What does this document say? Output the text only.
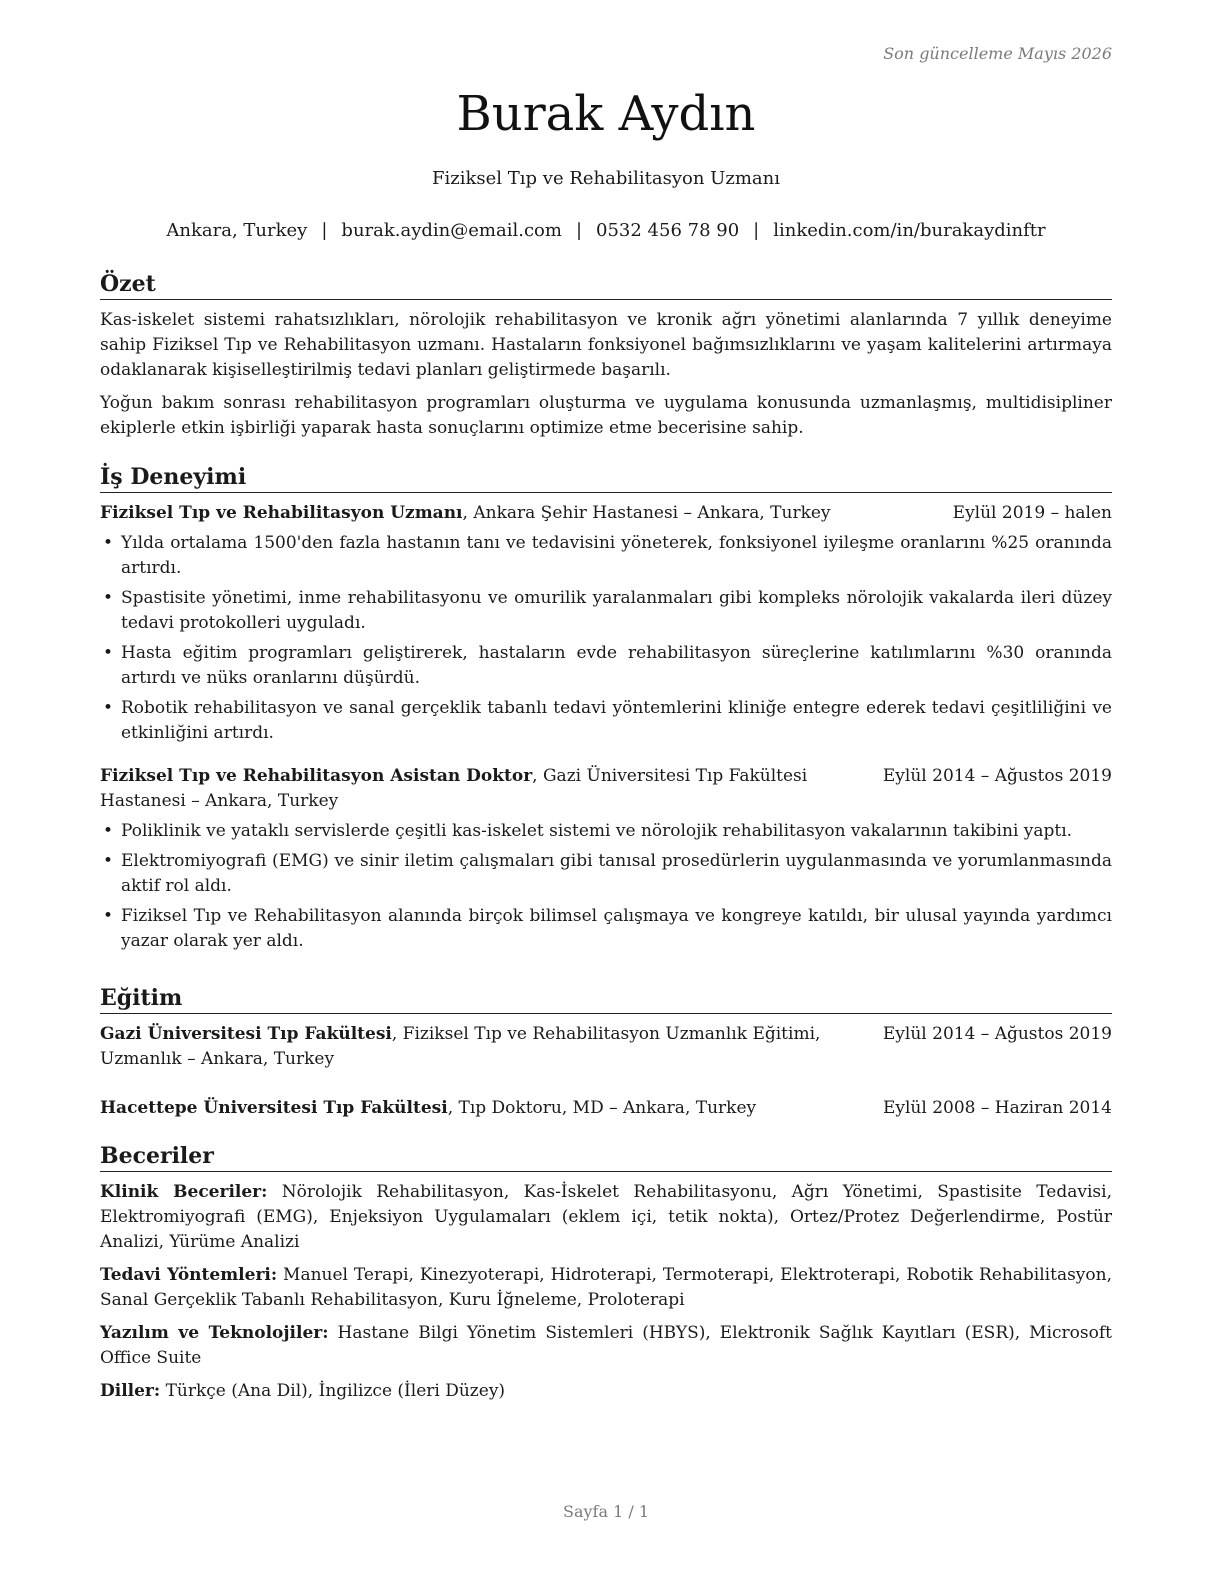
Son güncelleme Mayıs 2026
Burak Aydın
Fiziksel Tıp ve Rehabilitasyon Uzmanı
Ankara, Turkey | burak.aydin@email.com | 0532 456 78 90 | linkedin.com/in/burakaydinftr
Özet
Kas-iskelet sistemi rahatsızlıkları, nörolojik rehabilitasyon ve kronik ağrı yönetimi alanlarında 7 yıllık deneyime sahip Fiziksel Tıp ve Rehabilitasyon uzmanı. Hastaların fonksiyonel bağımsızlıklarını ve yaşam kalitelerini artırmaya odaklanarak kişiselleştirilmiş tedavi planları geliştirmede başarılı.
Yoğun bakım sonrası rehabilitasyon programları oluşturma ve uygulama konusunda uzmanlaşmış, multidisipliner ekiplerle etkin işbirliği yaparak hasta sonuçlarını optimize etme becerisine sahip.
İş Deneyimi
Fiziksel Tıp ve Rehabilitasyon Uzmanı, Ankara Şehir Hastanesi – Ankara, Turkey	Eylül 2019 – halen
• Yılda ortalama 1500'den fazla hastanın tanı ve tedavisini yöneterek, fonksiyonel iyileşme oranlarını %25 oranında artırdı.
• Spastisite yönetimi, inme rehabilitasyonu ve omurilik yaralanmaları gibi kompleks nörolojik vakalarda ileri düzey tedavi protokolleri uyguladı.
• Hasta eğitim programları geliştirerek, hastaların evde rehabilitasyon süreçlerine katılımlarını %30 oranında artırdı ve nüks oranlarını düşürdü.
• Robotik rehabilitasyon ve sanal gerçeklik tabanlı tedavi yöntemlerini kliniğe entegre ederek tedavi çeşitliliğini ve etkinliğini artırdı.
Fiziksel Tıp ve Rehabilitasyon Asistan Doktor, Gazi Üniversitesi Tıp Fakültesi Hastanesi – Ankara, Turkey
Eylül 2014 – Ağustos 2019
• Poliklinik ve yataklı servislerde çeşitli kas-iskelet sistemi ve nörolojik rehabilitasyon vakalarının takibini yaptı.
• Elektromiyografi (EMG) ve sinir iletim çalışmaları gibi tanısal prosedürlerin uygulanmasında ve yorumlanmasında aktif rol aldı.
• Fiziksel Tıp ve Rehabilitasyon alanında birçok bilimsel çalışmaya ve kongreye katıldı, bir ulusal yayında yardımcı yazar olarak yer aldı.
Eğitim
Gazi Üniversitesi Tıp Fakültesi, Fiziksel Tıp ve Rehabilitasyon Uzmanlık Eğitimi, Uzmanlık – Ankara, Turkey
Eylül 2014 – Ağustos 2019
Hacettepe Üniversitesi Tıp Fakültesi, Tıp Doktoru, MD – Ankara, Turkey	Eylül 2008 – Haziran 2014
Beceriler
Klinik Beceriler: Nörolojik Rehabilitasyon, Kas-İskelet Rehabilitasyonu, Ağrı Yönetimi, Spastisite Tedavisi, Elektromiyografi (EMG), Enjeksiyon Uygulamaları (eklem içi, tetik nokta), Ortez/Protez Değerlendirme, Postür Analizi, Yürüme Analizi
Tedavi Yöntemleri: Manuel Terapi, Kinezyoterapi, Hidroterapi, Termoterapi, Elektroterapi, Robotik Rehabilitasyon, Sanal Gerçeklik Tabanlı Rehabilitasyon, Kuru İğneleme, Proloterapi
Yazılım ve Teknolojiler: Hastane Bilgi Yönetim Sistemleri (HBYS), Elektronik Sağlık Kayıtları (ESR), Microsoft Office Suite
Diller: Türkçe (Ana Dil), İngilizce (İleri Düzey)
Sayfa 1 / 1
